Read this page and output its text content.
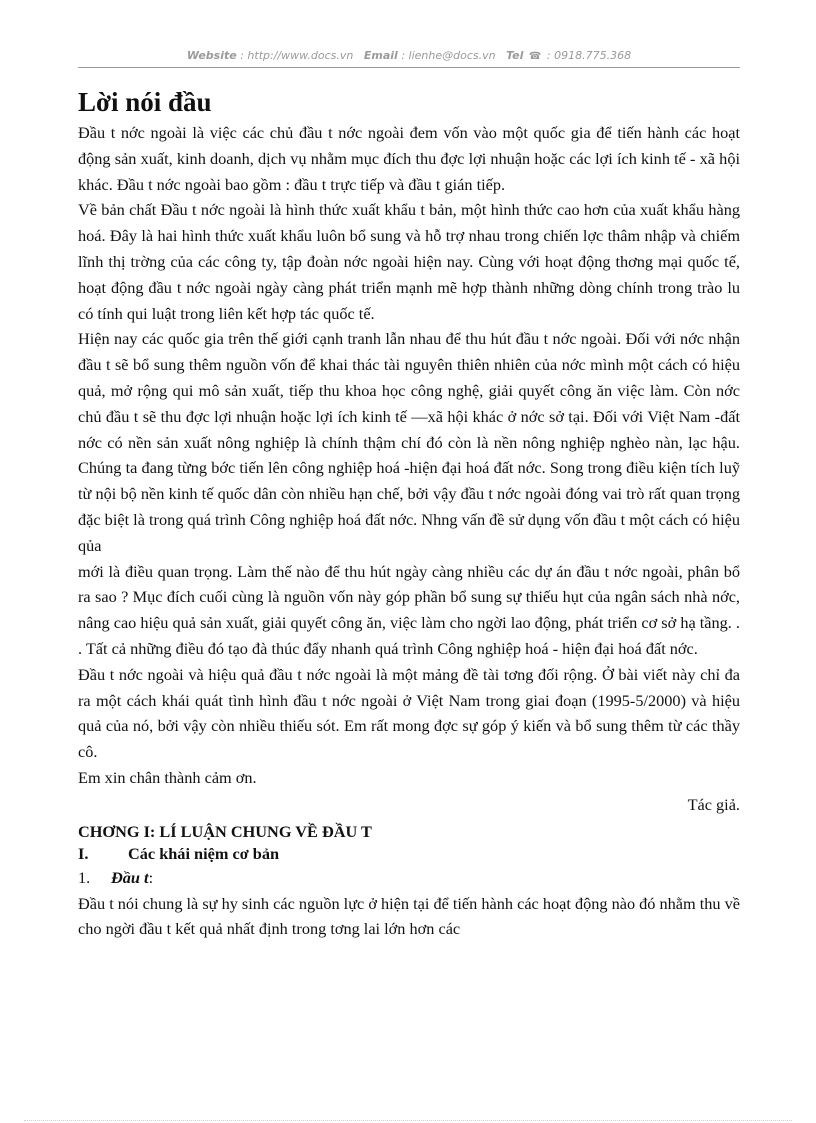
Website : http://www.docs.vn Email : lienhe@docs.vn Tel ☎ : 0918.775.368
Lời nói đầu

Đầu t nớc ngoài là việc các chủ đầu t nớc ngoài đem vốn vào một quốc gia để tiến hành các hoạt động sản xuất, kinh doanh, dịch vụ nhằm mục đích thu đợc lợi nhuận hoặc các lợi ích kinh tế - xã hội khác. Đầu t nớc ngoài bao gồm : đầu t trực tiếp và đầu t gián tiếp.

Về bản chất Đầu t nớc ngoài là hình thức xuất khẩu t bản, một hình thức cao hơn của xuất khẩu hàng hoá. Đây là hai hình thức xuất khẩu luôn bổ sung và hỗ trợ nhau trong chiến lợc thâm nhập và chiếm lĩnh thị trờng của các công ty, tập đoàn nớc ngoài hiện nay. Cùng với hoạt động thơng mại quốc tế, hoạt động đầu t nớc ngoài ngày càng phát triển mạnh mẽ hợp thành những dòng chính trong trào lu có tính qui luật trong liên kết hợp tác quốc tế.

Hiện nay các quốc gia trên thế giới cạnh tranh lẫn nhau để thu hút đầu t nớc ngoài. Đối với nớc nhận đầu t sẽ bổ sung thêm nguồn vốn để khai thác tài nguyên thiên nhiên của nớc mình một cách có hiệu quả, mở rộng qui mô sản xuất, tiếp thu khoa học công nghệ, giải quyết công ăn việc làm. Còn nớc chủ đầu t sẽ thu đợc lợi nhuận hoặc lợi ích kinh tế —xã hội khác ở nớc sở tại. Đối với Việt Nam -đất nớc có nền sản xuất nông nghiệp là chính thậm chí đó còn là nền nông nghiệp nghèo nàn, lạc hậu. Chúng ta đang từng bớc tiến lên công nghiệp hoá -hiện đại hoá đất nớc. Song trong điều kiện tích luỹ từ nội bộ nền kinh tế quốc dân còn nhiều hạn chế, bởi vậy đầu t nớc ngoài đóng vai trò rất quan trọng đặc biệt là trong quá trình Công nghiệp hoá đất nớc. Nhng vấn đề sử dụng vốn đầu t một cách có hiệu qủa

mới là điều quan trọng. Làm thế nào để thu hút ngày càng nhiều các dự án đầu t nớc ngoài, phân bổ ra sao ? Mục đích cuối cùng là nguồn vốn này góp phần bổ sung sự thiếu hụt của ngân sách nhà nớc, nâng cao hiệu quả sản xuất, giải quyết công ăn, việc làm cho ngời lao động, phát triển cơ sở hạ tầng. . . Tất cả những điều đó tạo đà thúc đẩy nhanh quá trình Công nghiệp hoá - hiện đại hoá đất nớc.

Đầu t nớc ngoài và hiệu quả đầu t nớc ngoài là một mảng đề tài tơng đối rộng. Ở bài viết này chỉ đa ra một cách khái quát tình hình đầu t nớc ngoài ở Việt Nam trong giai đoạn (1995-5/2000) và hiệu quả của nó, bởi vậy còn nhiều thiếu sót. Em rất mong đợc sự góp ý kiến và bổ sung thêm từ các thầy cô.

Em xin chân thành cảm ơn.

Tác giả.

CHƠNG I: LÍ LUẬN CHUNG VỀ ĐẦU T

I.	Các khái niệm cơ bản
1.	Đầu t :

Đầu t nói chung là sự hy sinh các nguồn lực ở hiện tại để tiến hành các hoạt động nào đó nhằm thu về cho ngời đầu t kết quả nhất định trong tơng lai lớn hơn các
